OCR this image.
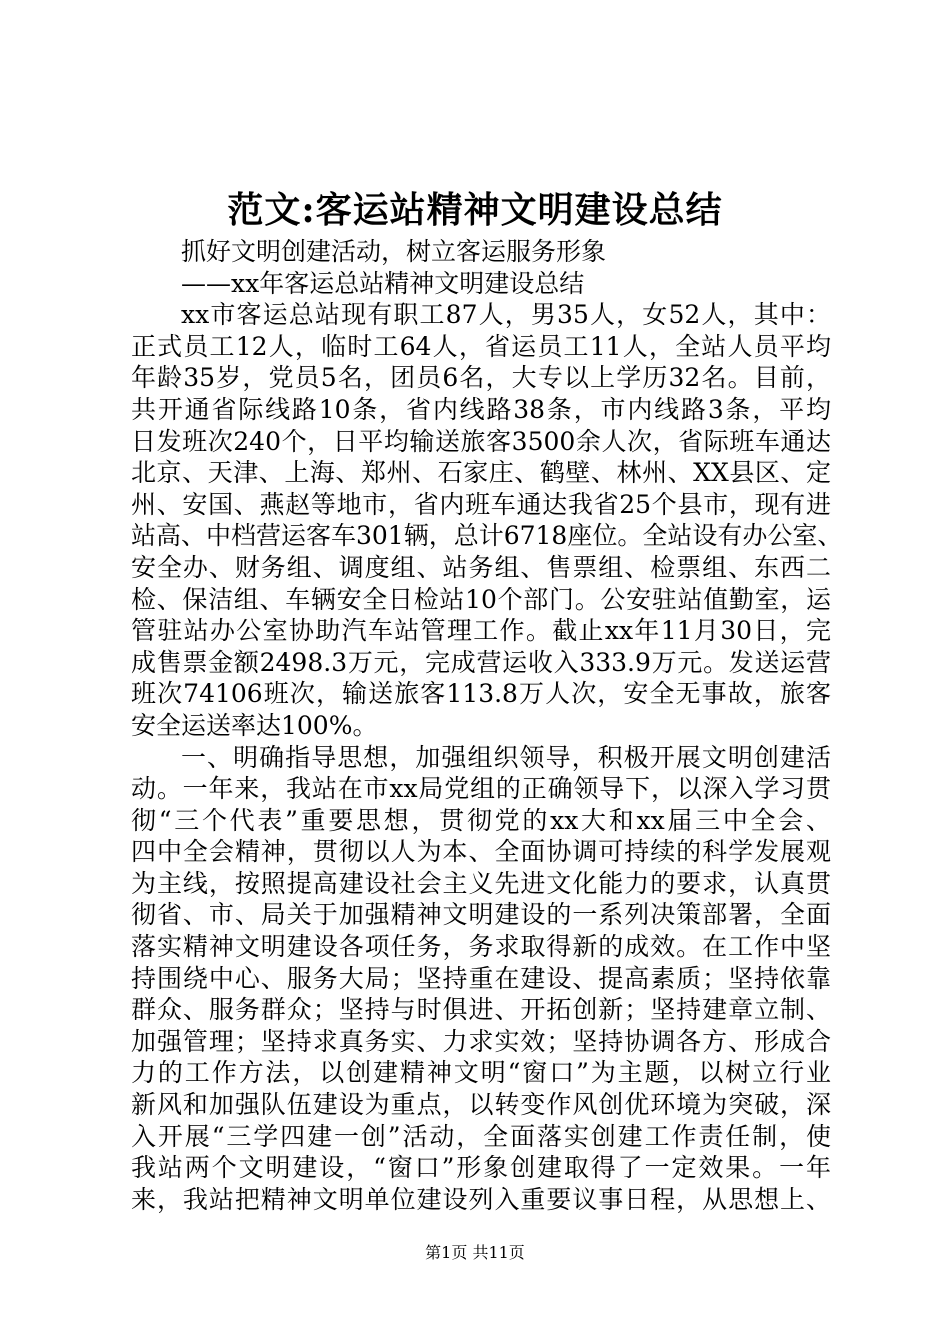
范文:客运站精神文明建设总结
抓好文明创建活动，树立客运服务形象
——xx年客运总站精神文明建设总结
xx市客运总站现有职工87人，男35人，女52人，其中：
正式员工12人，临时工64人，省运员工11人，全站人员平均
年龄35岁，党员5名，团员6名，大专以上学历32名。目前，
共开通省际线路10条，省内线路38条，市内线路3条，平均
日发班次240个，日平均输送旅客3500余人次，省际班车通达
北京、天津、上海、郑州、石家庄、鹤壁、林州、XX县区、定
州、安国、燕赵等地市，省内班车通达我省25个县市，现有进
站高、中档营运客车301辆，总计6718座位。全站设有办公室、
安全办、财务组、调度组、站务组、售票组、检票组、东西二
检、保洁组、车辆安全日检站10个部门。公安驻站值勤室，运
管驻站办公室协助汽车站管理工作。截止xx年11月30日，完
成售票金额2498.3万元，完成营运收入333.9万元。发送运营
班次74106班次，输送旅客113.8万人次，安全无事故，旅客
安全运送率达100%。
一、明确指导思想，加强组织领导，积极开展文明创建活
动。一年来，我站在市xx局党组的正确领导下，以深入学习贯
彻“三个代表”重要思想，贯彻党的xx大和xx届三中全会、
四中全会精神，贯彻以人为本、全面协调可持续的科学发展观
为主线，按照提高建设社会主义先进文化能力的要求，认真贯
彻省、市、局关于加强精神文明建设的一系列决策部署，全面
落实精神文明建设各项任务，务求取得新的成效。在工作中坚
持围绕中心、服务大局；坚持重在建设、提高素质；坚持依靠
群众、服务群众；坚持与时俱进、开拓创新；坚持建章立制、
加强管理；坚持求真务实、力求实效；坚持协调各方、形成合
力的工作方法，以创建精神文明“窗口”为主题，以树立行业
新风和加强队伍建设为重点，以转变作风创优环境为突破，深
入开展“三学四建一创”活动，全面落实创建工作责任制，使
我站两个文明建设，“窗口”形象创建取得了一定效果。一年
来，我站把精神文明单位建设列入重要议事日程，从思想上、
第1页 共11页
